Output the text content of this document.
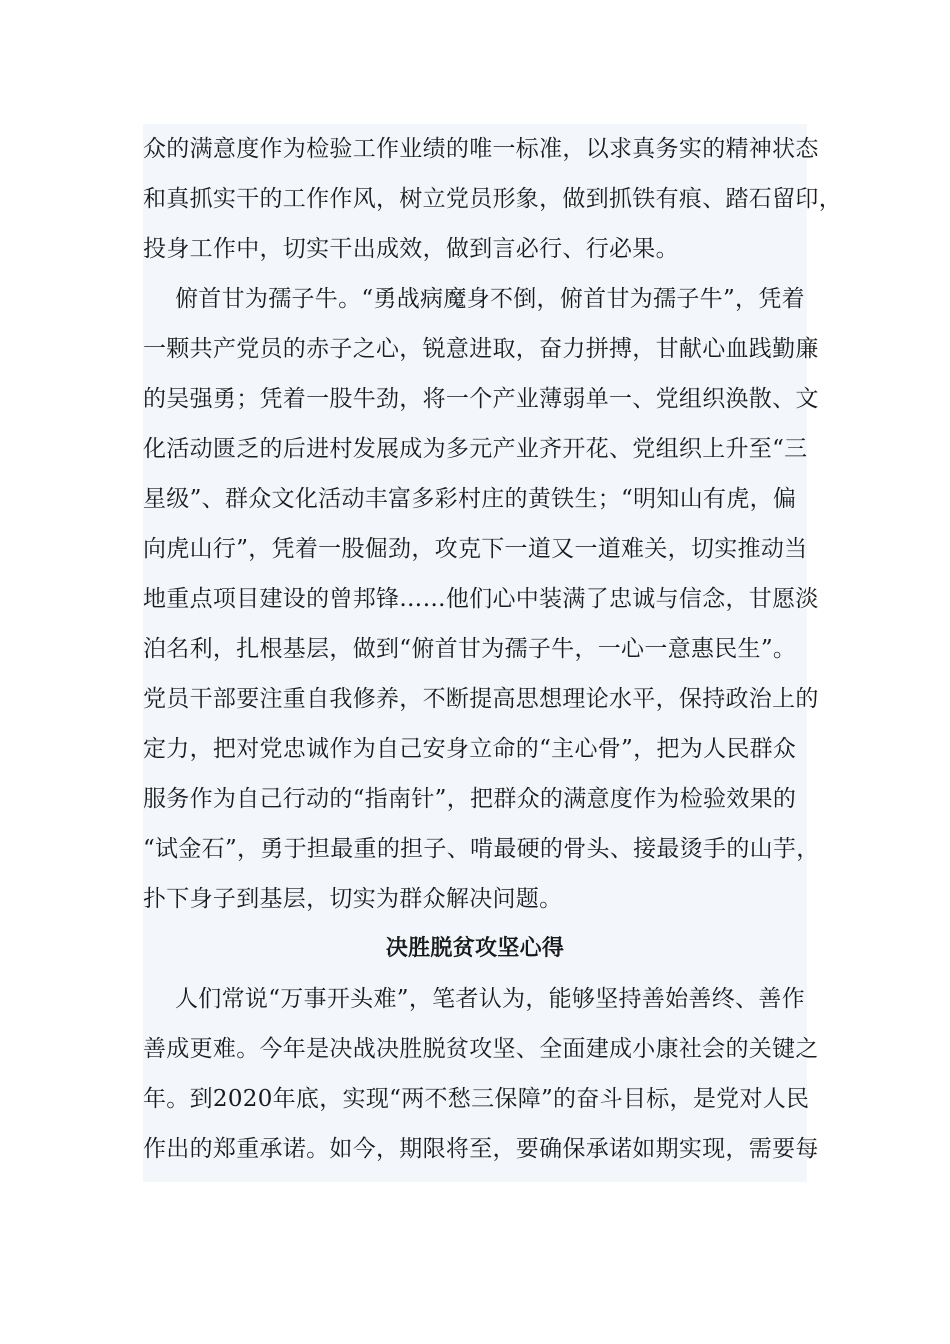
众的满意度作为检验工作业绩的唯一标准，以求真务实的精神状态
和真抓实干的工作作风，树立党员形象，做到抓铁有痕、踏石留印，
投身工作中，切实干出成效，做到言必行、行必果。
俯首甘为孺子牛。“勇战病魔身不倒，俯首甘为孺子牛”，凭着
一颗共产党员的赤子之心，锐意进取，奋力拼搏，甘献心血践勤廉
的吴强勇；凭着一股牛劲，将一个产业薄弱单一、党组织涣散、文
化活动匮乏的后进村发展成为多元产业齐开花、党组织上升至“三
星级”、群众文化活动丰富多彩村庄的黄铁生；“明知山有虎，偏
向虎山行”，凭着一股倔劲，攻克下一道又一道难关，切实推动当
地重点项目建设的曾邦锋……他们心中装满了忠诚与信念，甘愿淡
泊名利，扎根基层，做到“俯首甘为孺子牛，一心一意惠民生”。
党员干部要注重自我修养，不断提高思想理论水平，保持政治上的
定力，把对党忠诚作为自己安身立命的“主心骨”，把为人民群众
服务作为自己行动的“指南针”，把群众的满意度作为检验效果的
“试金石”，勇于担最重的担子、啃最硬的骨头、接最烫手的山芋，
扑下身子到基层，切实为群众解决问题。
决胜脱贫攻坚心得
人们常说“万事开头难”，笔者认为，能够坚持善始善终、善作
善成更难。今年是决战决胜脱贫攻坚、全面建成小康社会的关键之
年。到2020年底，实现“两不愁三保障”的奋斗目标，是党对人民
作出的郑重承诺。如今，期限将至，要确保承诺如期实现，需要每
